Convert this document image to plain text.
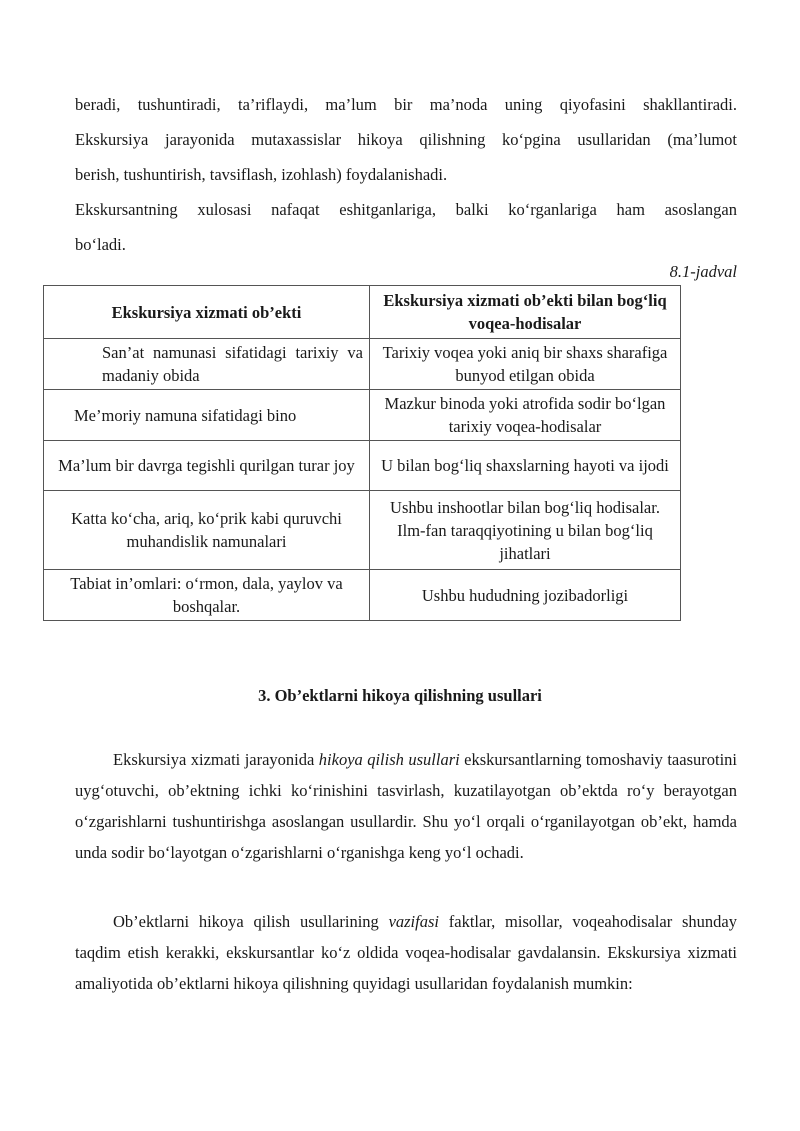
beradi, tushuntiradi, ta’riflaydi, ma’lum bir ma’noda uning qiyofasini shakllantiradi.
Ekskursiya jarayonida mutaxassislar hikoya qilishning ko‘pgina usullaridan (ma’lumot
berish, tushuntirish, tavsiflash, izohlash) foydalanishadi.
Ekskursantning xulosasi nafaqat eshitganlariga, balki ko‘rganlariga ham asoslangan
bo‘ladi.
8.1-jadval
Ekskursiya xizmati ob’ekti	Ekskursiya xizmati ob’ekti bilan bog‘liq voqea-hodisalar
San’at namunasi sifatidagi tarixiy va madaniy obida	Tarixiy voqea yoki aniq bir shaxs sharafiga bunyod etilgan obida
Me’moriy namuna sifatidagi bino	Mazkur binoda yoki atrofida sodir bo‘lgan tarixiy voqea-hodisalar
Ma’lum bir davrga tegishli qurilgan turar joy	U bilan bog‘liq shaxslarning hayoti va ijodi
Katta ko‘cha, ariq, ko‘prik kabi quruvchi muhandislik namunalari	Ushbu inshootlar bilan bog‘liq hodisalar. Ilm-fan taraqqiyotining u bilan bog‘liq jihatlari
Tabiat in’omlari: o‘rmon, dala, yaylov va boshqalar.	Ushbu hududning jozibadorligi
3. Ob’ektlarni hikoya qilishning usullari

Ekskursiya xizmati jarayonida hikoya qilish usullari ekskursantlarning tomoshaviy taasurotini uyg‘otuvchi, ob’ektning ichki ko‘rinishini tasvirlash, kuzatilayotgan ob’ektda ro‘y berayotgan o‘zgarishlarni tushuntirishga asoslangan usullardir. Shu yo‘l orqali o‘rganilayotgan ob’ekt, hamda unda sodir bo‘layotgan o‘zgarishlarni o‘rganishga keng yo‘l ochadi.

Ob’ektlarni hikoya qilish usullarining vazifasi faktlar, misollar, voqeahodisalar shunday taqdim etish kerakki, ekskursantlar ko‘z oldida voqea-hodisalar gavdalansin. Ekskursiya xizmati amaliyotida ob’ektlarni hikoya qilishning quyidagi usullaridan foydalanish mumkin:
